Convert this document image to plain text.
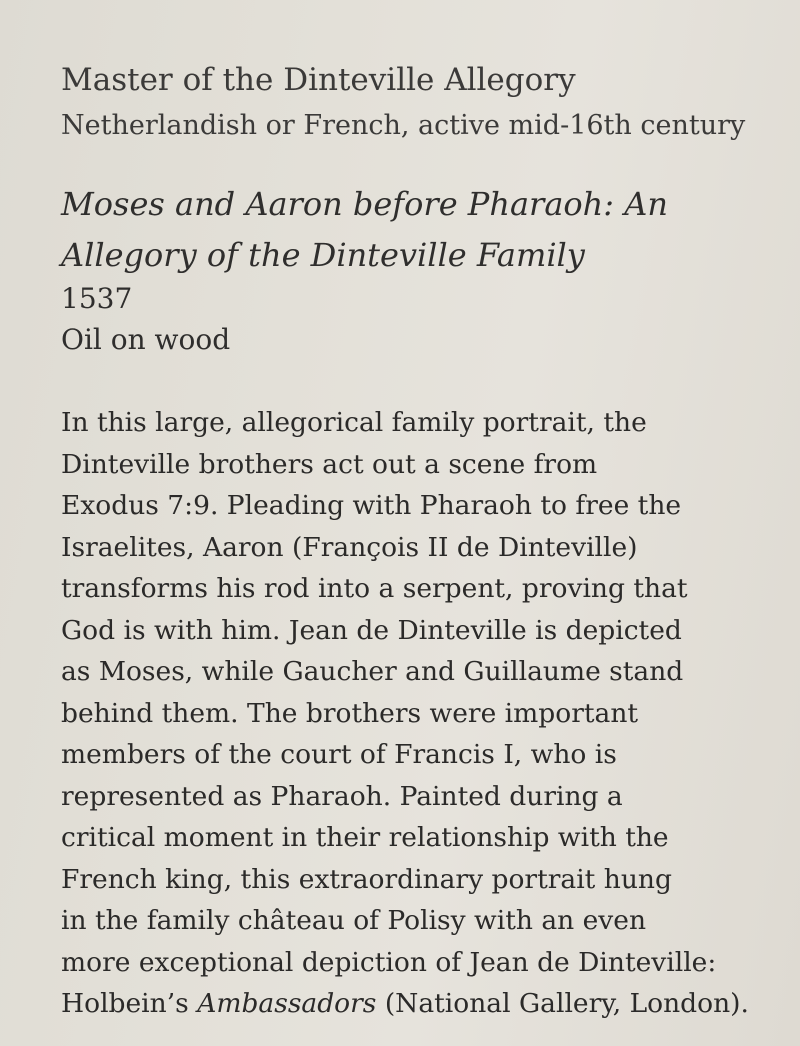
Master of the Dinteville Allegory
Netherlandish or French, active mid-16th century
Moses and Aaron before Pharaoh: An
Allegory of the Dinteville Family
1537
Oil on wood
In this large, allegorical family portrait, the
Dinteville brothers act out a scene from
Exodus 7:9. Pleading with Pharaoh to free the
Israelites, Aaron (François II de Dinteville)
transforms his rod into a serpent, proving that
God is with him. Jean de Dinteville is depicted
as Moses, while Gaucher and Guillaume stand
behind them. The brothers were important
members of the court of Francis I, who is
represented as Pharaoh. Painted during a
critical moment in their relationship with the
French king, this extraordinary portrait hung
in the family château of Polisy with an even
more exceptional depiction of Jean de Dinteville:
Holbein’s Ambassadors (National Gallery, London).
